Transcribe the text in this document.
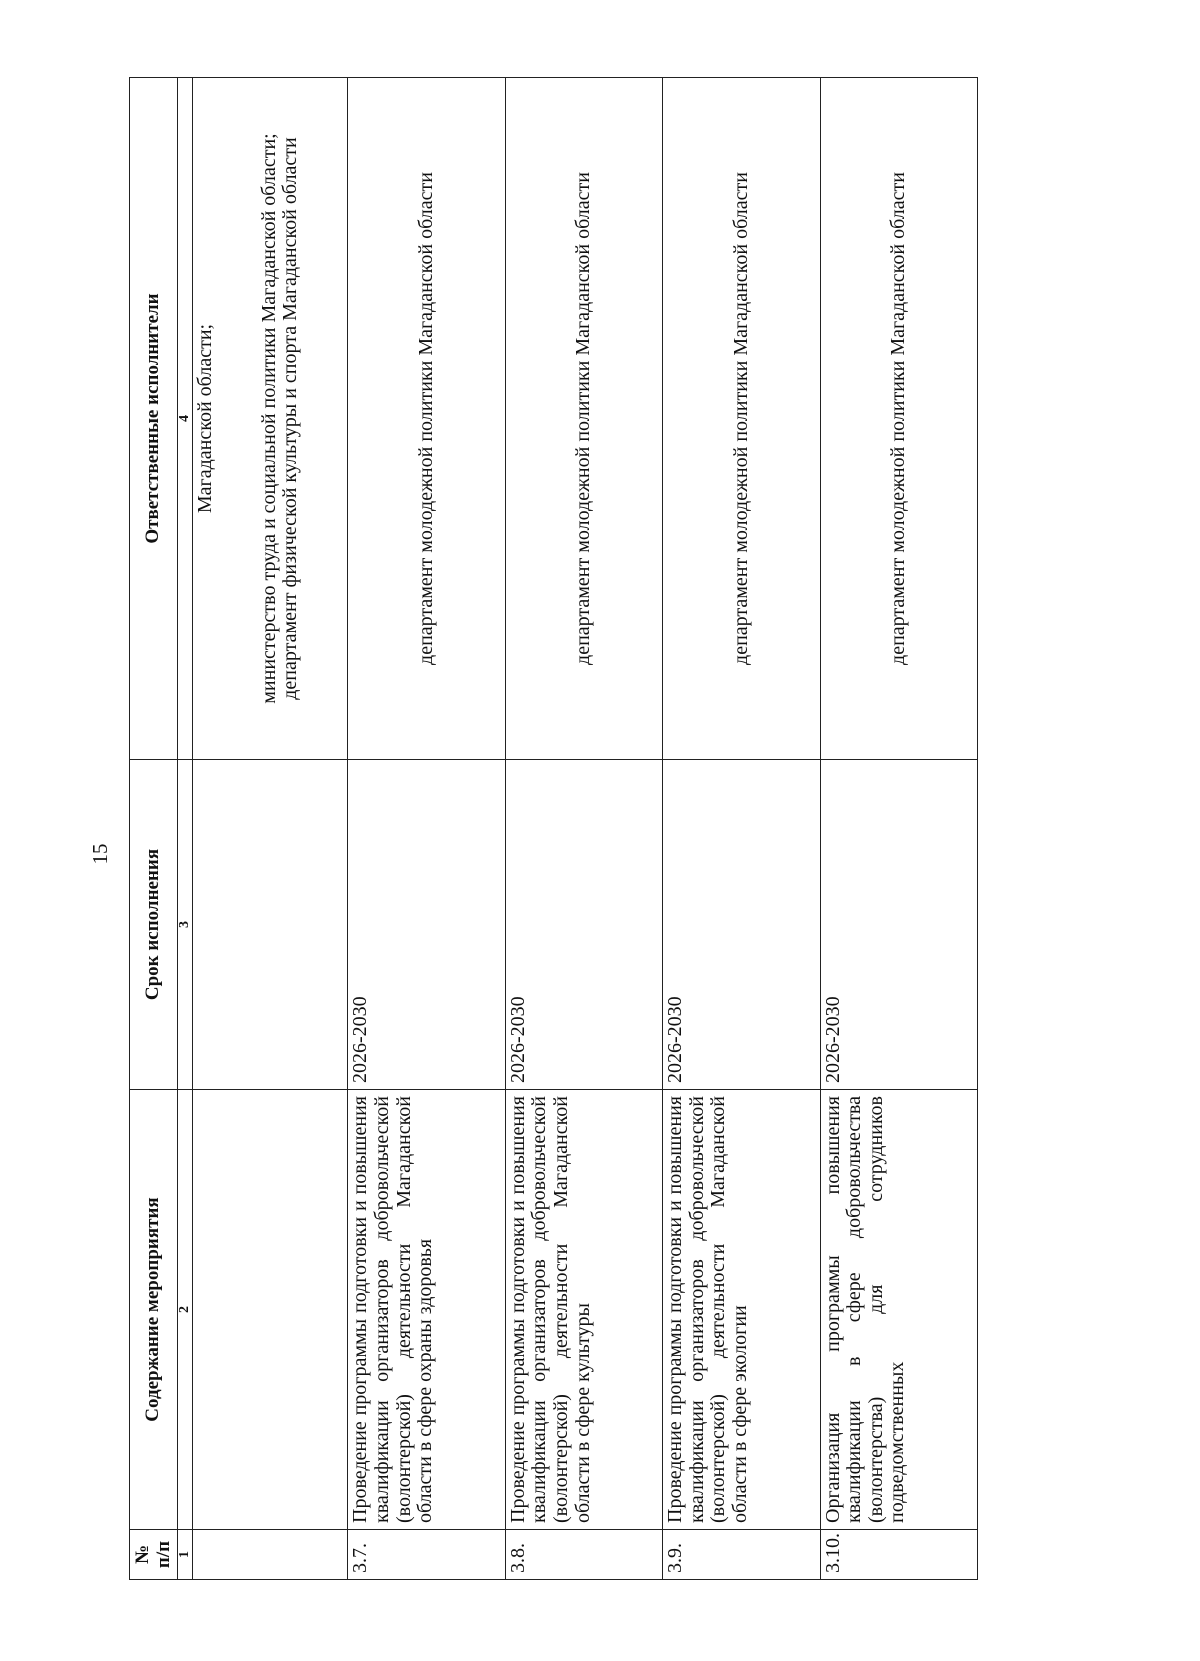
15
№ п/п	Содержание мероприятия	Срок исполнения	Ответственные исполнители
1	2	3	4

			Магаданской области; министерство труда и социальной политики Магаданской области; департамент физической культуры и спорта Магаданской области

3.7.	Проведение программы подготовки и повышения квалификации организаторов добровольческой (волонтерской) деятельности Магаданской области в сфере охраны здоровья	2026-2030	департамент молодежной политики Магаданской области
3.8.	Проведение программы подготовки и повышения квалификации организаторов добровольческой (волонтерской) деятельности Магаданской области в сфере культуры	2026-2030	департамент молодежной политики Магаданской области
3.9.	Проведение программы подготовки и повышения квалификации организаторов добровольческой (волонтерской) деятельности Магаданской области в сфере экологии	2026-2030	департамент молодежной политики Магаданской области
3.10.	Организация программы повышения квалификации в сфере добровольчества (волонтерства) для сотрудников подведомственных	2026-2030	департамент молодежной политики Магаданской области
